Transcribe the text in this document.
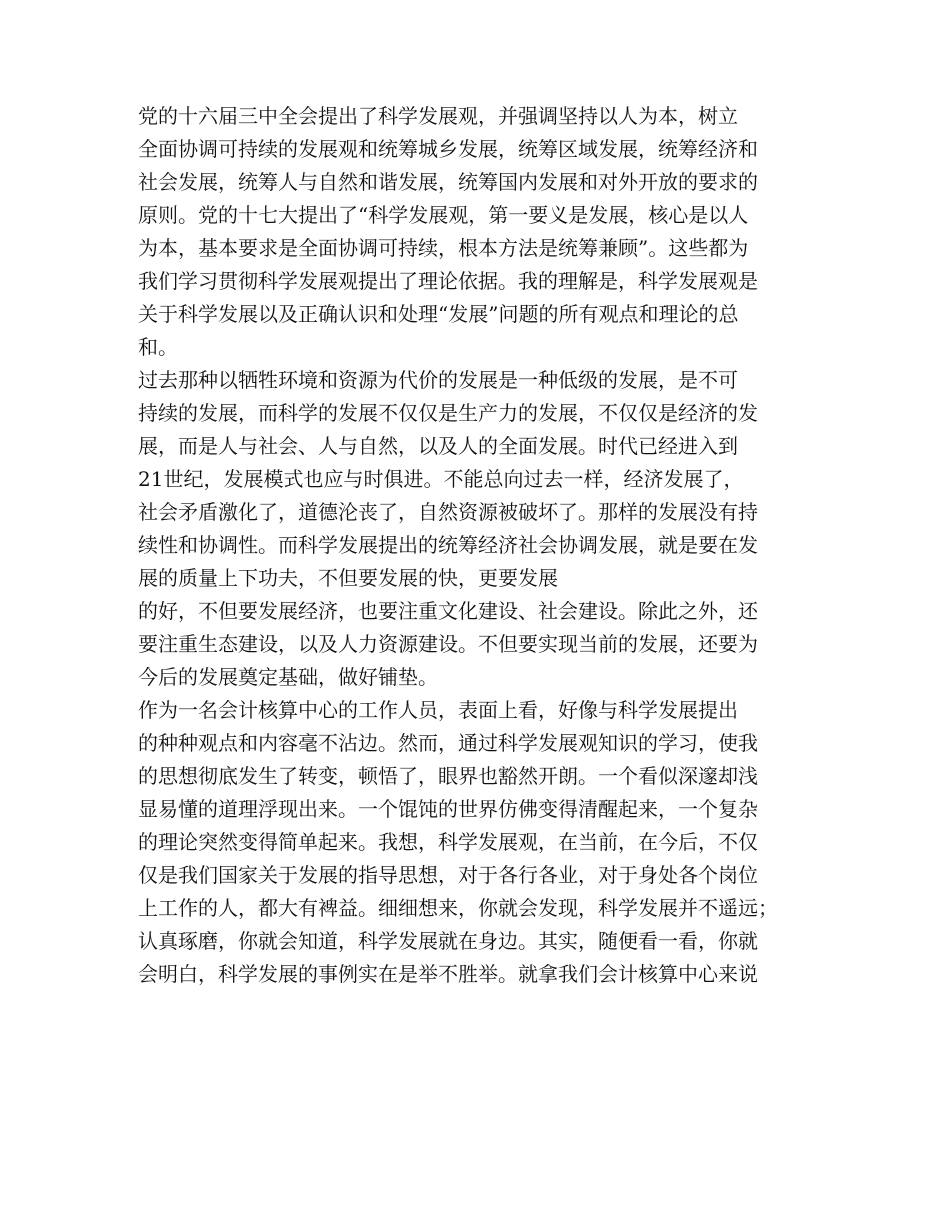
党的十六届三中全会提出了科学发展观，并强调坚持以人为本，树立

全面协调可持续的发展观和统筹城乡发展，统筹区域发展，统筹经济和

社会发展，统筹人与自然和谐发展，统筹国内发展和对外开放的要求的

原则。党的十七大提出了“科学发展观，第一要义是发展，核心是以人

为本，基本要求是全面协调可持续，根本方法是统筹兼顾”。这些都为

我们学习贯彻科学发展观提出了理论依据。我的理解是，科学发展观是

关于科学发展以及正确认识和处理“发展”问题的所有观点和理论的总

和。

过去那种以牺牲环境和资源为代价的发展是一种低级的发展，是不可

持续的发展，而科学的发展不仅仅是生产力的发展，不仅仅是经济的发

展，而是人与社会、人与自然，以及人的全面发展。时代已经进入到

21世纪，发展模式也应与时俱进。不能总向过去一样，经济发展了，

社会矛盾激化了，道德沦丧了，自然资源被破坏了。那样的发展没有持

续性和协调性。而科学发展提出的统筹经济社会协调发展，就是要在发

展的质量上下功夫，不但要发展的快，更要发展

的好，不但要发展经济，也要注重文化建设、社会建设。除此之外，还

要注重生态建设，以及人力资源建设。不但要实现当前的发展，还要为

今后的发展奠定基础，做好铺垫。

作为一名会计核算中心的工作人员，表面上看，好像与科学发展提出

的种种观点和内容毫不沾边。然而，通过科学发展观知识的学习，使我

的思想彻底发生了转变，顿悟了，眼界也豁然开朗。一个看似深邃却浅

显易懂的道理浮现出来。一个馄饨的世界仿佛变得清醒起来，一个复杂

的理论突然变得简单起来。我想，科学发展观，在当前，在今后，不仅

仅是我们国家关于发展的指导思想，对于各行各业，对于身处各个岗位

上工作的人，都大有裨益。细细想来，你就会发现，科学发展并不遥远；

认真琢磨，你就会知道，科学发展就在身边。其实，随便看一看，你就

会明白，科学发展的事例实在是举不胜举。就拿我们会计核算中心来说
